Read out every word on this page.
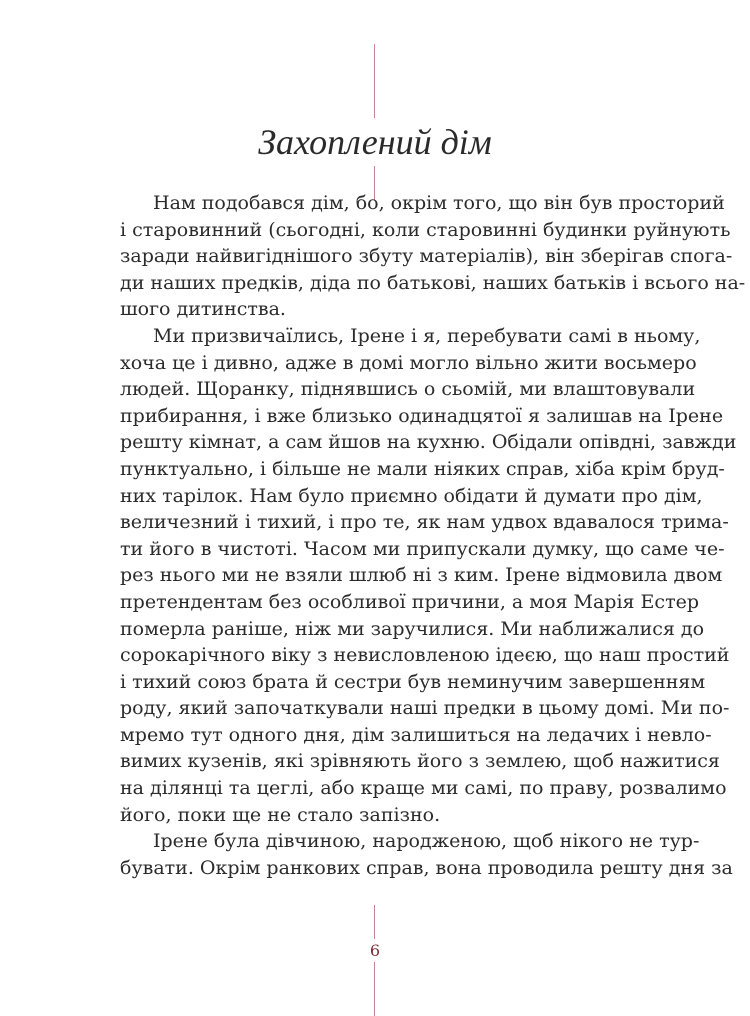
Захоплений дім
Нам подобався дім, бо, окрім того, що він був просторий
і старовинний (сьогодні, коли старовинні будинки руйнують
заради найвигіднішого збуту матеріалів), він зберігав спога-
ди наших предків, діда по батькові, наших батьків і всього на-
шого дитинства.
Ми призвичаїлись, Ірене і я, перебувати самі в ньому,
хоча це і дивно, адже в домі могло вільно жити восьмеро
людей. Щоранку, піднявшись о сьомій, ми влаштовували
прибирання, і вже близько одинадцятої я залишав на Ірене
решту кімнат, а сам йшов на кухню. Обідали опівдні, завжди
пунктуально, і більше не мали ніяких справ, хіба крім бруд-
них тарілок. Нам було приємно обідати й думати про дім,
величезний і тихий, і про те, як нам удвох вдавалося трима-
ти його в чистоті. Часом ми припускали думку, що саме че-
рез нього ми не взяли шлюб ні з ким. Ірене відмовила двом
претендентам без особливої причини, а моя Марія Естер
померла раніше, ніж ми заручилися. Ми наближалися до
сорокарічного віку з невисловленою ідеєю, що наш простий
і тихий союз брата й сестри був неминучим завершенням
роду, який започаткували наші предки в цьому домі. Ми по-
мремо тут одного дня, дім залишиться на ледачих і невло-
вимих кузенів, які зрівняють його з землею, щоб нажитися
на ділянці та цеглі, або краще ми самі, по праву, розвалимо
його, поки ще не стало запізно.
Ірене була дівчиною, народженою, щоб нікого не тур-
бувати. Окрім ранкових справ, вона проводила решту дня за
6
